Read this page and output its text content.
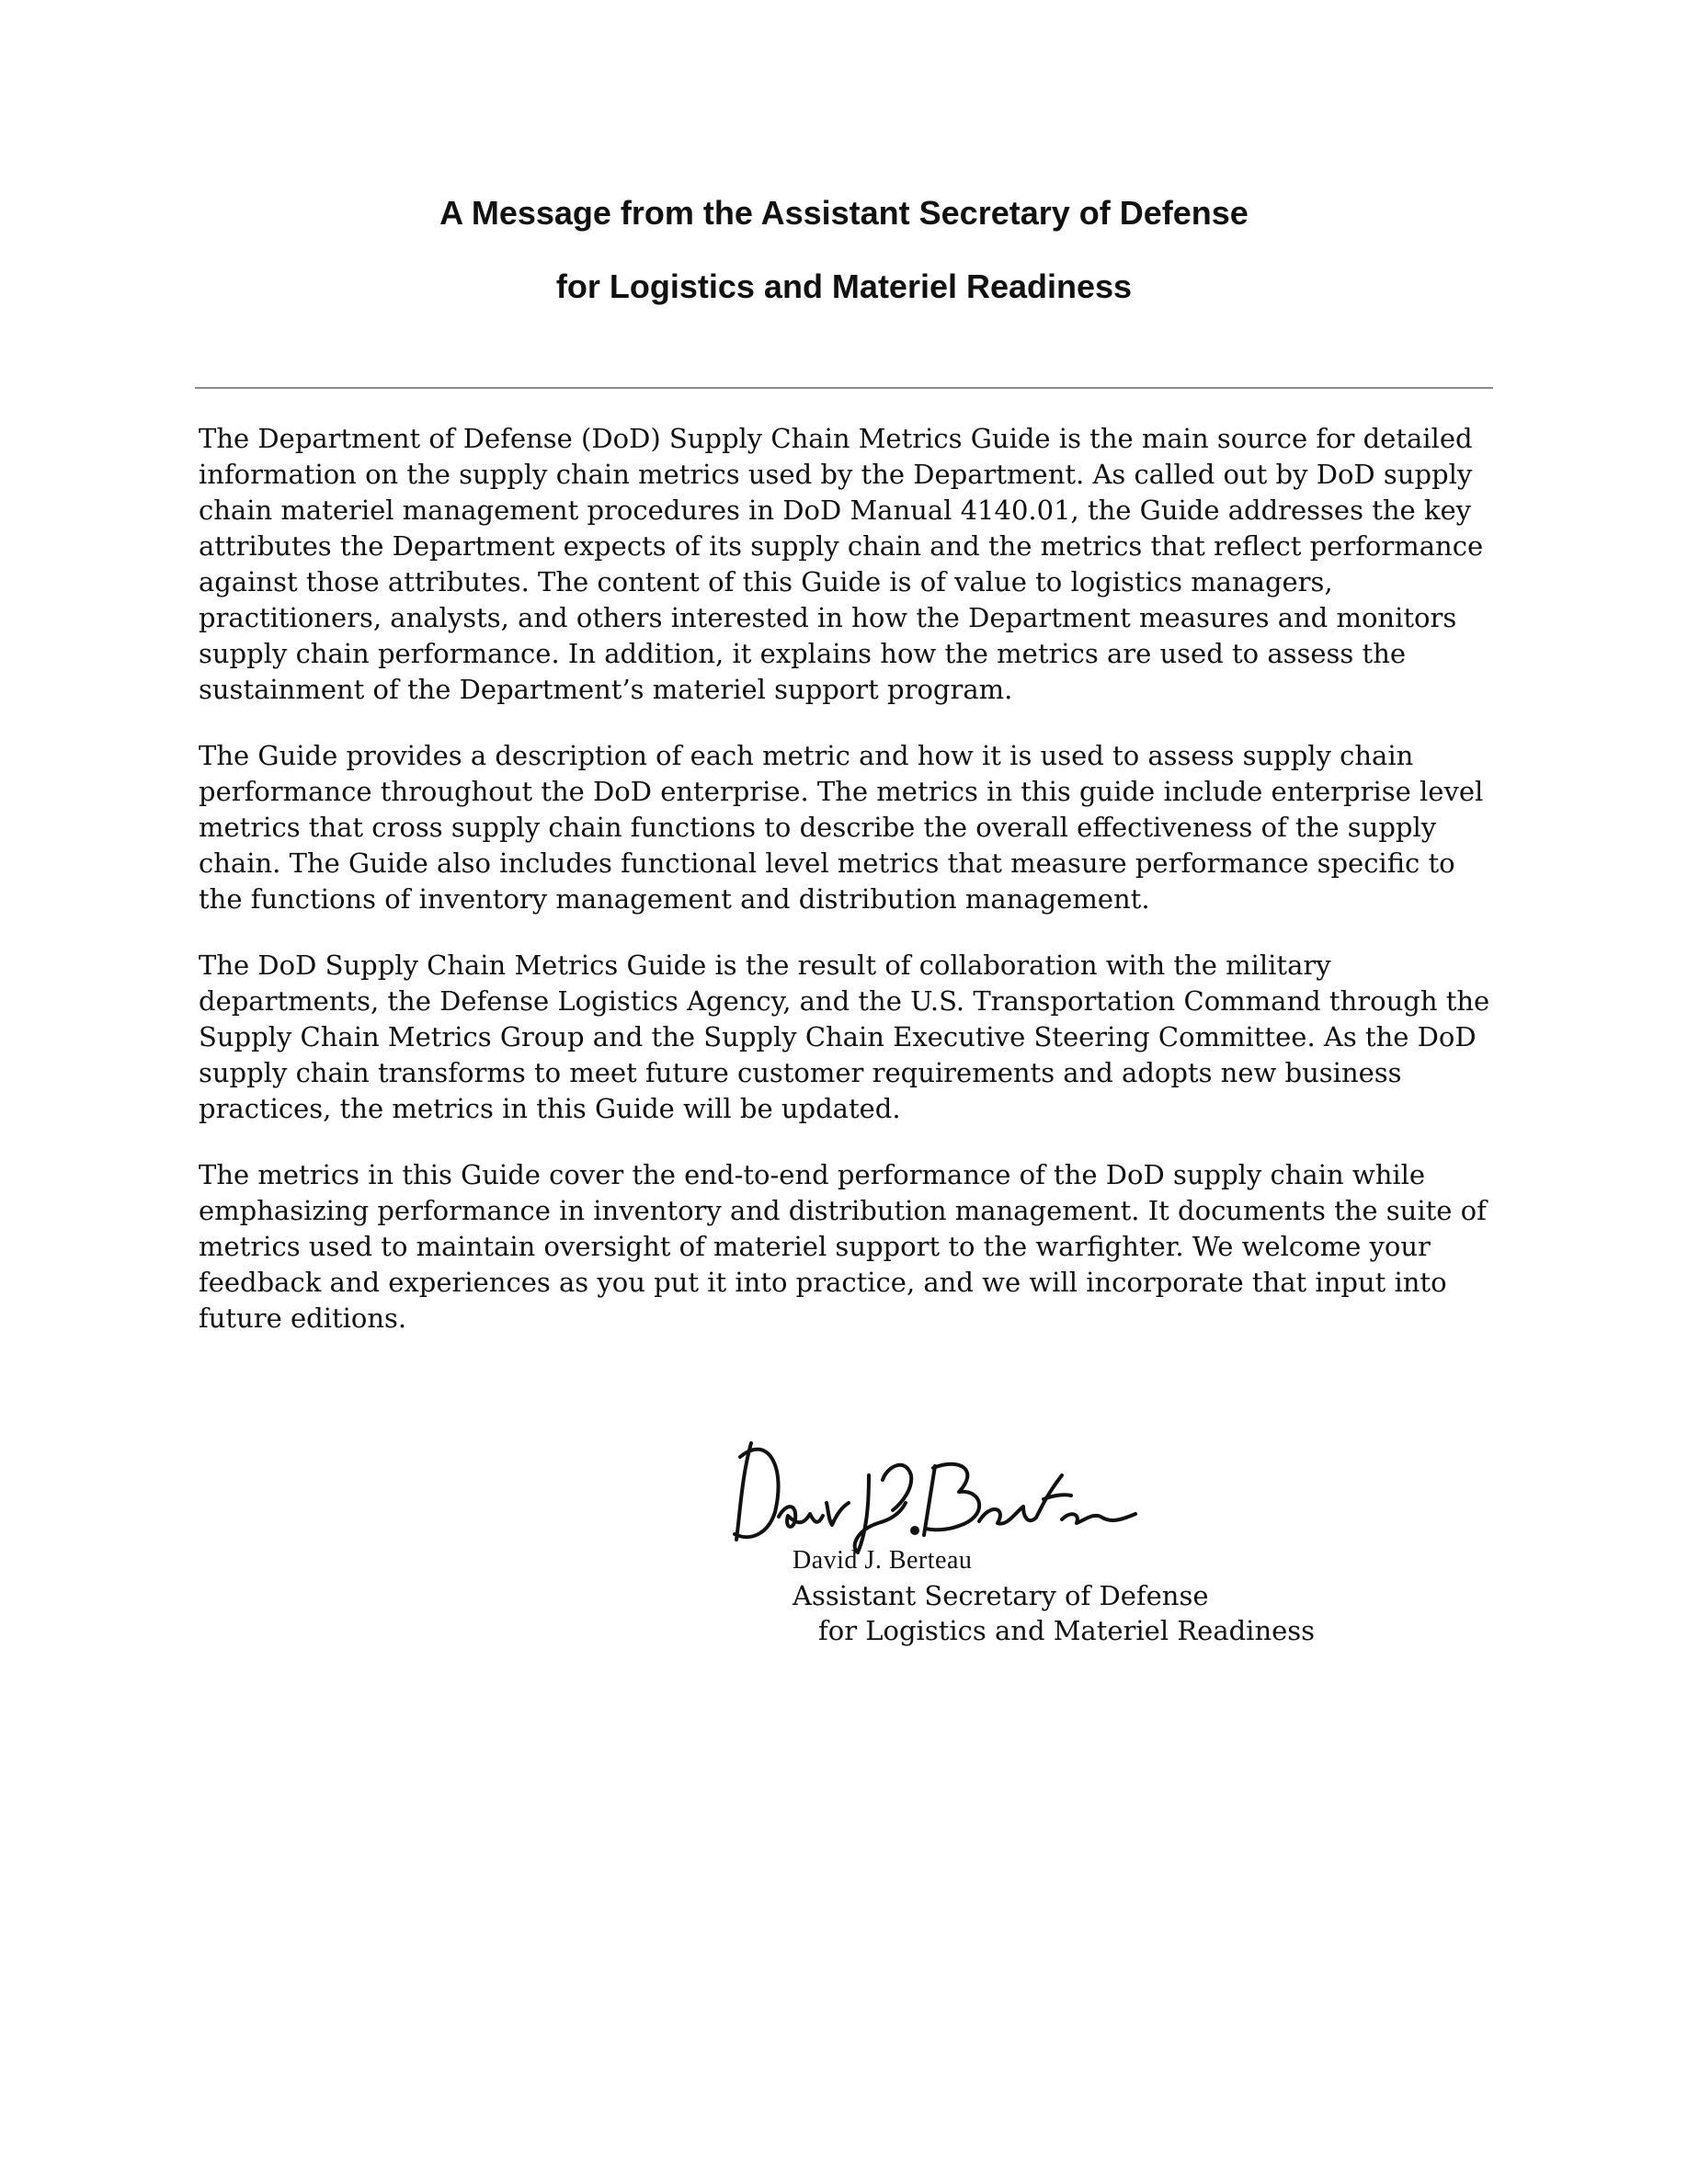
A Message from the Assistant Secretary of Defense
for Logistics and Materiel Readiness

The Department of Defense (DoD) Supply Chain Metrics Guide is the main source for detailed information on the supply chain metrics used by the Department. As called out by DoD supply chain materiel management procedures in DoD Manual 4140.01, the Guide addresses the key attributes the Department expects of its supply chain and the metrics that reflect performance against those attributes. The content of this Guide is of value to logistics managers, practitioners, analysts, and others interested in how the Department measures and monitors supply chain performance. In addition, it explains how the metrics are used to assess the sustainment of the Department’s materiel support program.

The Guide provides a description of each metric and how it is used to assess supply chain performance throughout the DoD enterprise. The metrics in this guide include enterprise level metrics that cross supply chain functions to describe the overall effectiveness of the supply chain. The Guide also includes functional level metrics that measure performance specific to the functions of inventory management and distribution management.

The DoD Supply Chain Metrics Guide is the result of collaboration with the military departments, the Defense Logistics Agency, and the U.S. Transportation Command through the Supply Chain Metrics Group and the Supply Chain Executive Steering Committee. As the DoD supply chain transforms to meet future customer requirements and adopts new business practices, the metrics in this Guide will be updated.

The metrics in this Guide cover the end-to-end performance of the DoD supply chain while emphasizing performance in inventory and distribution management. It documents the suite of metrics used to maintain oversight of materiel support to the warfighter. We welcome your feedback and experiences as you put it into practice, and we will incorporate that input into future editions.

David J. Berteau
Assistant Secretary of Defense
for Logistics and Materiel Readiness
